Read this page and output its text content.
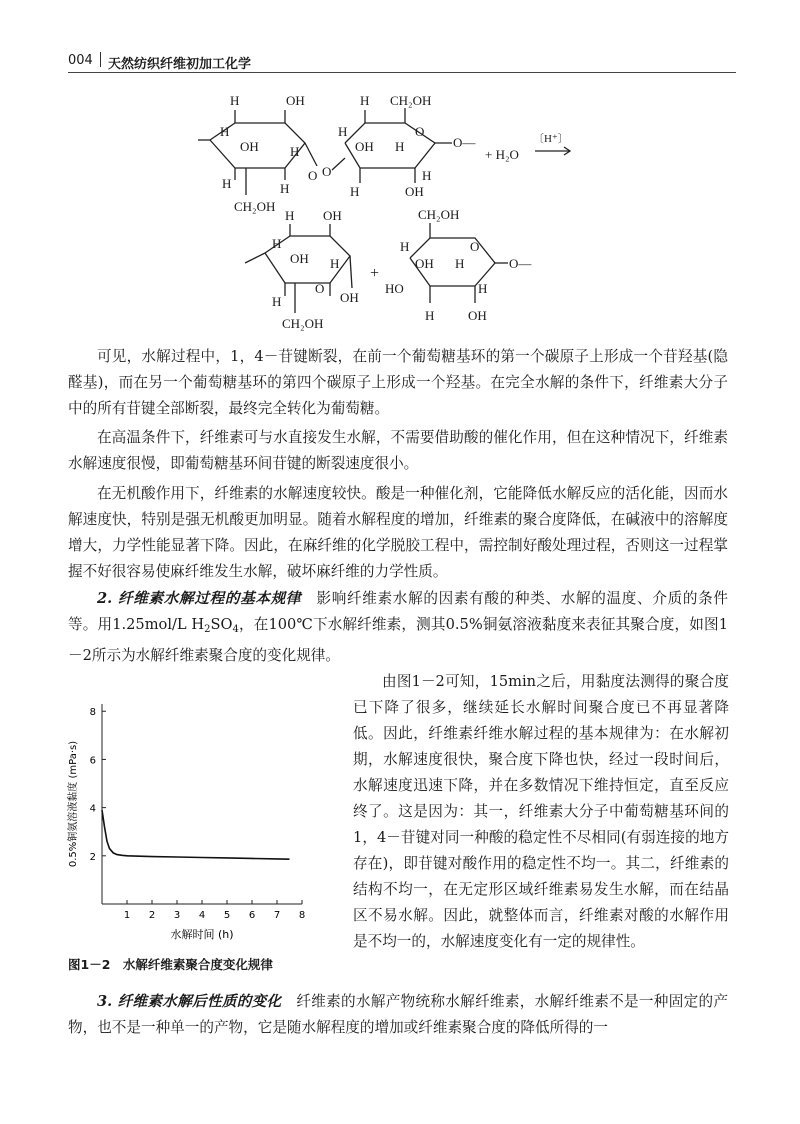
004 天然纺织纤维初加工化学
H	OH
OH
H
H
H	H
O
CH₂OH
O
CH₂OH
H
H
OH H
O
H
H	OH
O—
+ H₂O
〔H⁺〕
H OH
OH
H
H
H	OH
O
CH₂OH
+
CH₂OH
H
OH H
HO	H
H	OH
O
O—

可见，水解过程中，1，4－苷键断裂，在前一个葡萄糖基环的第一个碳原子上形成一个苷羟基(隐醛基)，而在另一个葡萄糖基环的第四个碳原子上形成一个羟基。在完全水解的条件下，纤维素大分子中的所有苷键全部断裂，最终完全转化为葡萄糖。

在高温条件下，纤维素可与水直接发生水解，不需要借助酸的催化作用，但在这种情况下，纤维素水解速度很慢，即葡萄糖基环间苷键的断裂速度很小。

在无机酸作用下，纤维素的水解速度较快。酸是一种催化剂，它能降低水解反应的活化能，因而水解速度快，特别是强无机酸更加明显。随着水解程度的增加，纤维素的聚合度降低，在碱液中的溶解度增大，力学性能显著下降。因此，在麻纤维的化学脱胶工程中，需控制好酸处理过程，否则这一过程掌握不好很容易使麻纤维发生水解，破坏麻纤维的力学性质。

2. 纤维素水解过程的基本规律　 影响纤维素水解的因素有酸的种类、水解的温度、介质的条件等。用1.25mol/L $H_2SO_4$，在100℃下水解纤维素，测其0.5%铜氨溶液黏度来表征其聚合度，如图1－2所示为水解纤维素聚合度的变化规律。

1 2 3 4 5 6 7 8
2
4
6
8
水解时间 (h)
0.5%铜氨溶液黏度 (mPa·s)
图1－2　水解纤维素聚合度变化规律

由图1－2可知，15min之后，用黏度法测得的聚合度已下降了很多，继续延长水解时间聚合度已不再显著降低。因此，纤维素纤维水解过程的基本规律为：在水解初期，水解速度很快，聚合度下降也快，经过一段时间后，水解速度迅速下降，并在多数情况下维持恒定，直至反应终了。这是因为：其一，纤维素大分子中葡萄糖基环间的1，4－苷键对同一种酸的稳定性不尽相同(有弱连接的地方存在)，即苷键对酸作用的稳定性不均一。其二，纤维素的结构不均一，在无定形区域纤维素易发生水解，而在结晶区不易水解。因此，就整体而言，纤维素对酸的水解作用是不均一的，水解速度变化有一定的规律性。

3. 纤维素水解后性质的变化　 纤维素的水解产物统称水解纤维素，水解纤维素不是一种固定的产物，也不是一种单一的产物，它是随水解程度的增加或纤维素聚合度的降低所得的一
